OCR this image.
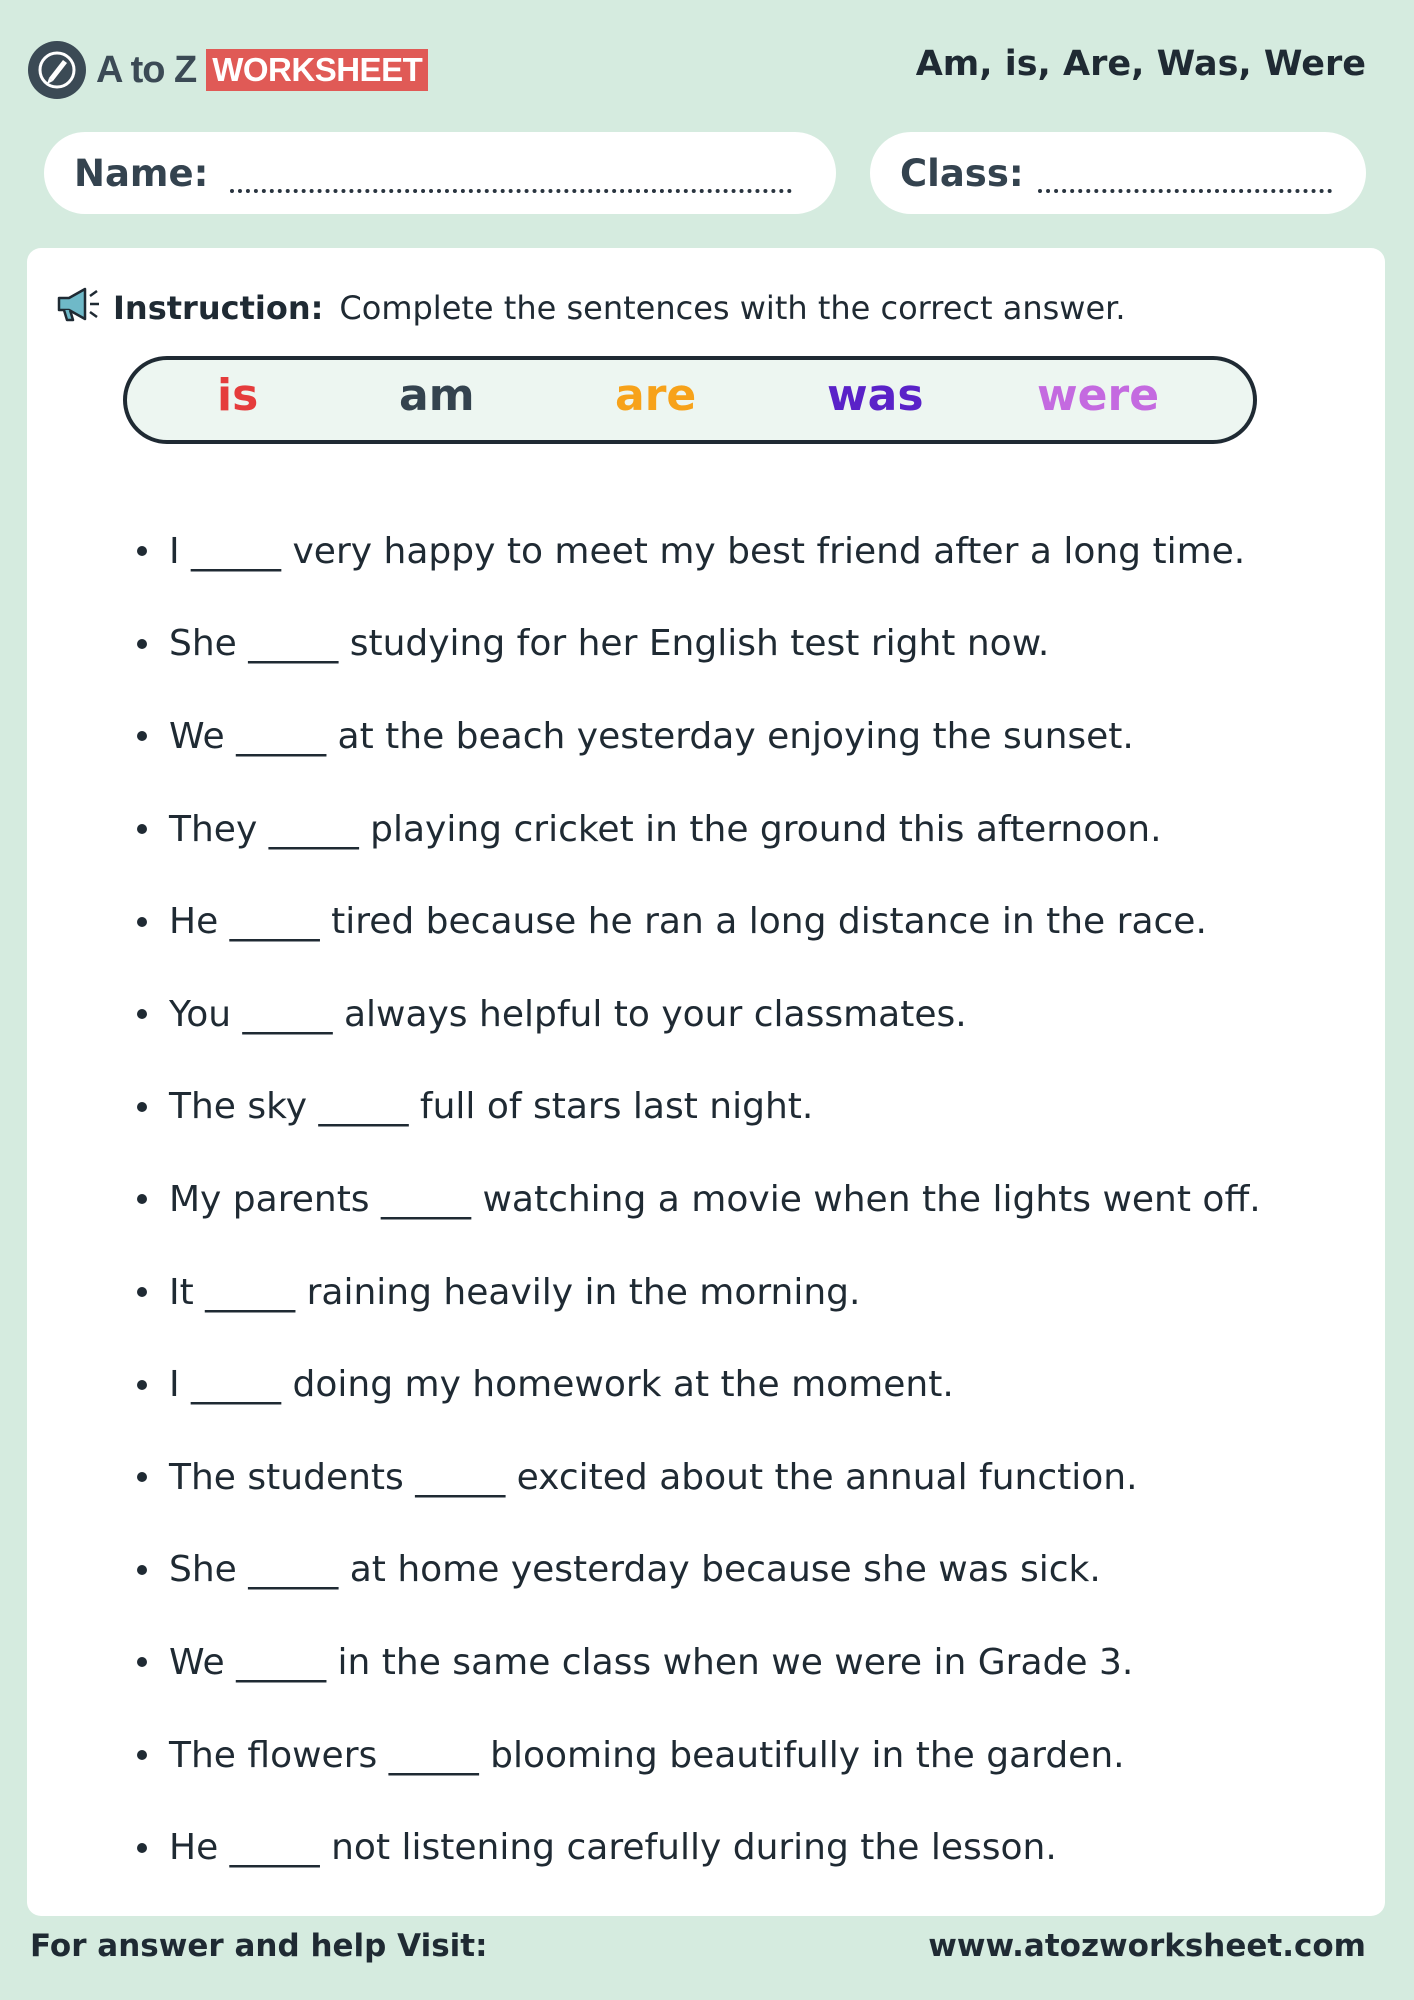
A to Z WORKSHEET	Am, is, Are, Was, Were
Name:	Class:
Instruction: Complete the sentences with the correct answer.
is	am	are	was	were
I _____ very happy to meet my best friend after a long time.
She _____ studying for her English test right now.
We _____ at the beach yesterday enjoying the sunset.
They _____ playing cricket in the ground this afternoon.
He _____ tired because he ran a long distance in the race.
You _____ always helpful to your classmates.
The sky _____ full of stars last night.
My parents _____ watching a movie when the lights went off.
It _____ raining heavily in the morning.
I _____ doing my homework at the moment.
The students _____ excited about the annual function.
She _____ at home yesterday because she was sick.
We _____ in the same class when we were in Grade 3.
The flowers _____ blooming beautifully in the garden.
He _____ not listening carefully during the lesson.
For answer and help Visit:	www.atozworksheet.com
